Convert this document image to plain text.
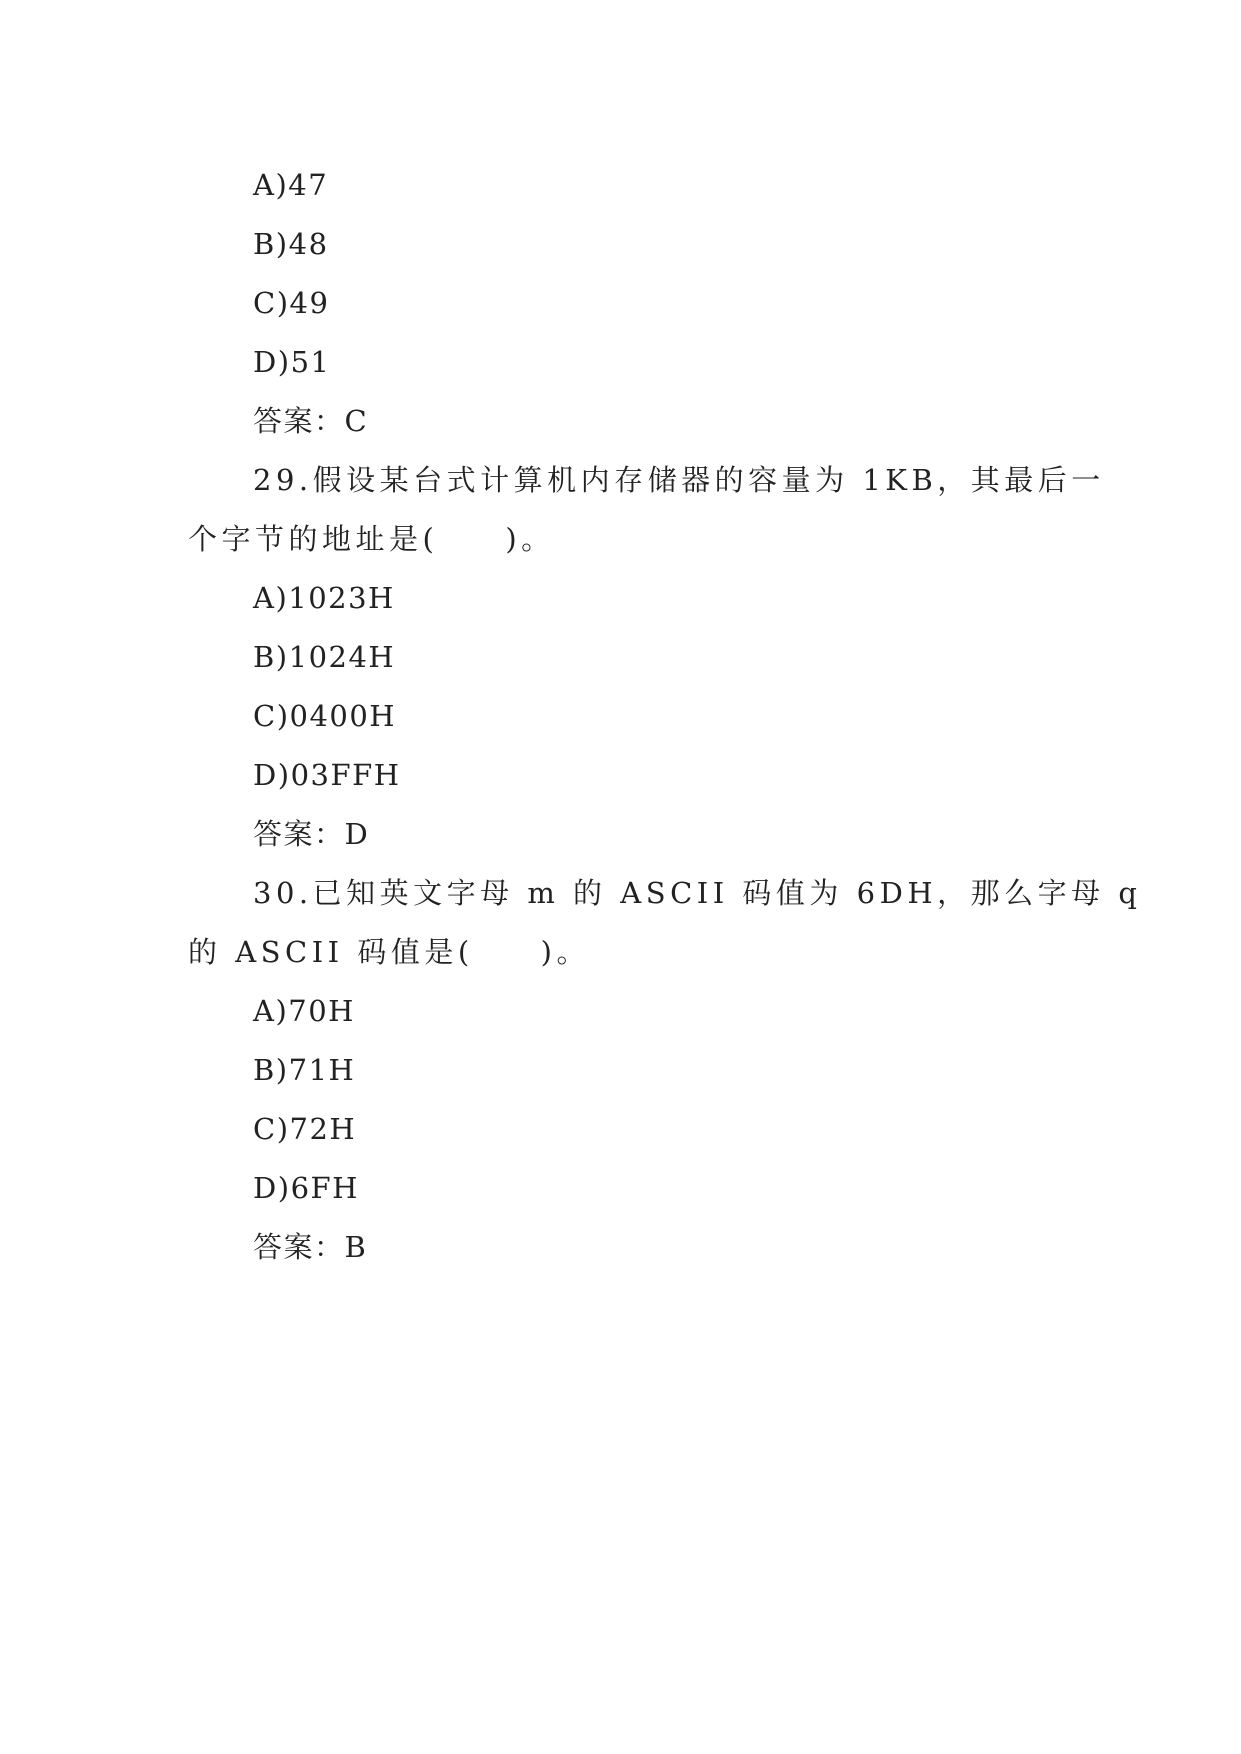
A)47
B)48
C)49
D)51
答案：C
29.假设某台式计算机内存储器的容量为 1KB，其最后一
个字节的地址是(　　)。
A)1023H
B)1024H
C)0400H
D)03FFH
答案：D
30.已知英文字母 m 的 ASCII 码值为 6DH，那么字母 q
的 ASCII 码值是(　　)。
A)70H
B)71H
C)72H
D)6FH
答案：B
